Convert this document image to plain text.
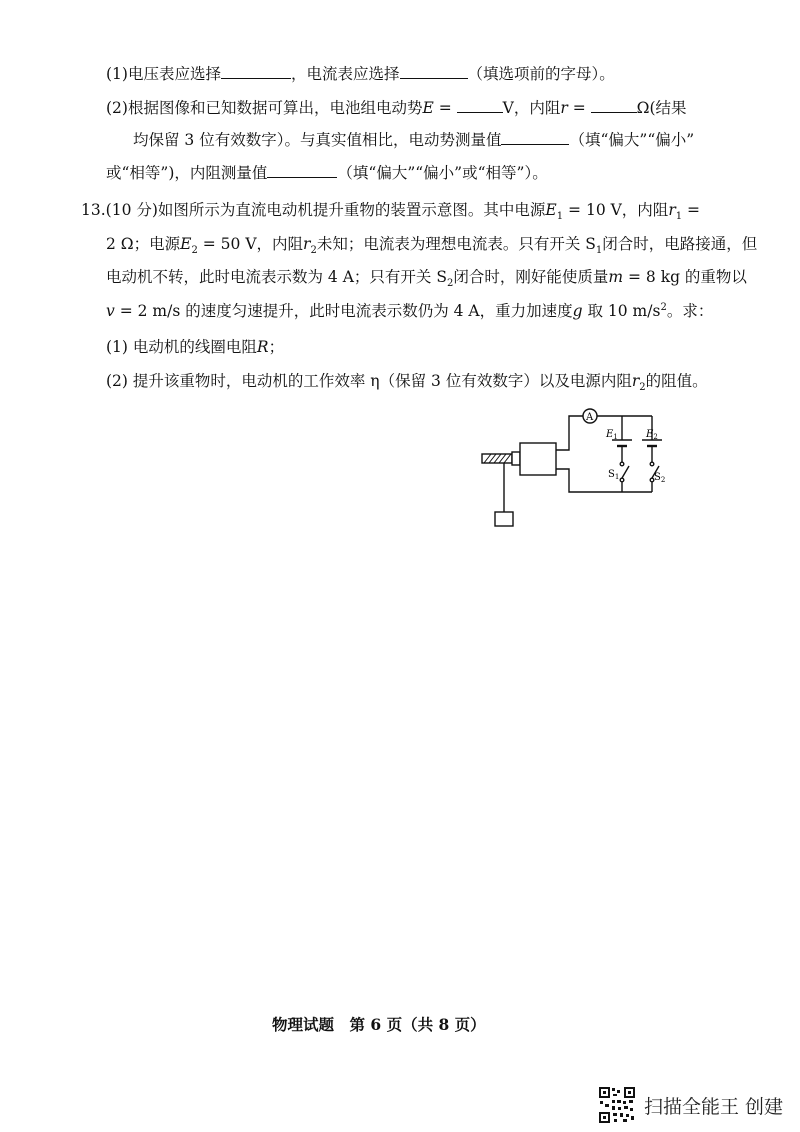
(1)电压表应选择	，电流表应选择	（填选项前的字母）。
(2)根据图像和已知数据可算出，电池组电动势E =	V，内阻r =	Ω(结果
均保留 3 位有效数字）。与真实值相比，电动势测量值	（填“偏大”“偏小”
或“相等”)，内阻测量值	（填“偏大”“偏小”或“相等”）。
13.(10 分)如图所示为直流电动机提升重物的装置示意图。其中电源$E_1 = 10$ V，内阻$r_1$ =
2 Ω；电源$E_2 = 50$ V，内阻$r_2$未知；电流表为理想电流表。只有开关 $S_1$闭合时，电路接通，但
电动机不转，此时电流表示数为 4 A；只有开关 $S_2$闭合时，刚好能使质量m = 8 kg 的重物以
v = 2 m/s 的速度匀速提升，此时电流表示数仍为 4 A，重力加速度g 取 10 $m/s^2$。求：
(1) 电动机的线圈电阻R；
(2) 提升该重物时，电动机的工作效率 η（保留 3 位有效数字）以及电源内阻$r_2$的阻值。
A
$E_1$	$E_2$
$S_1$	$S_2$
物理试题　第 6 页（共 8 页）
扫描全能王 创建
